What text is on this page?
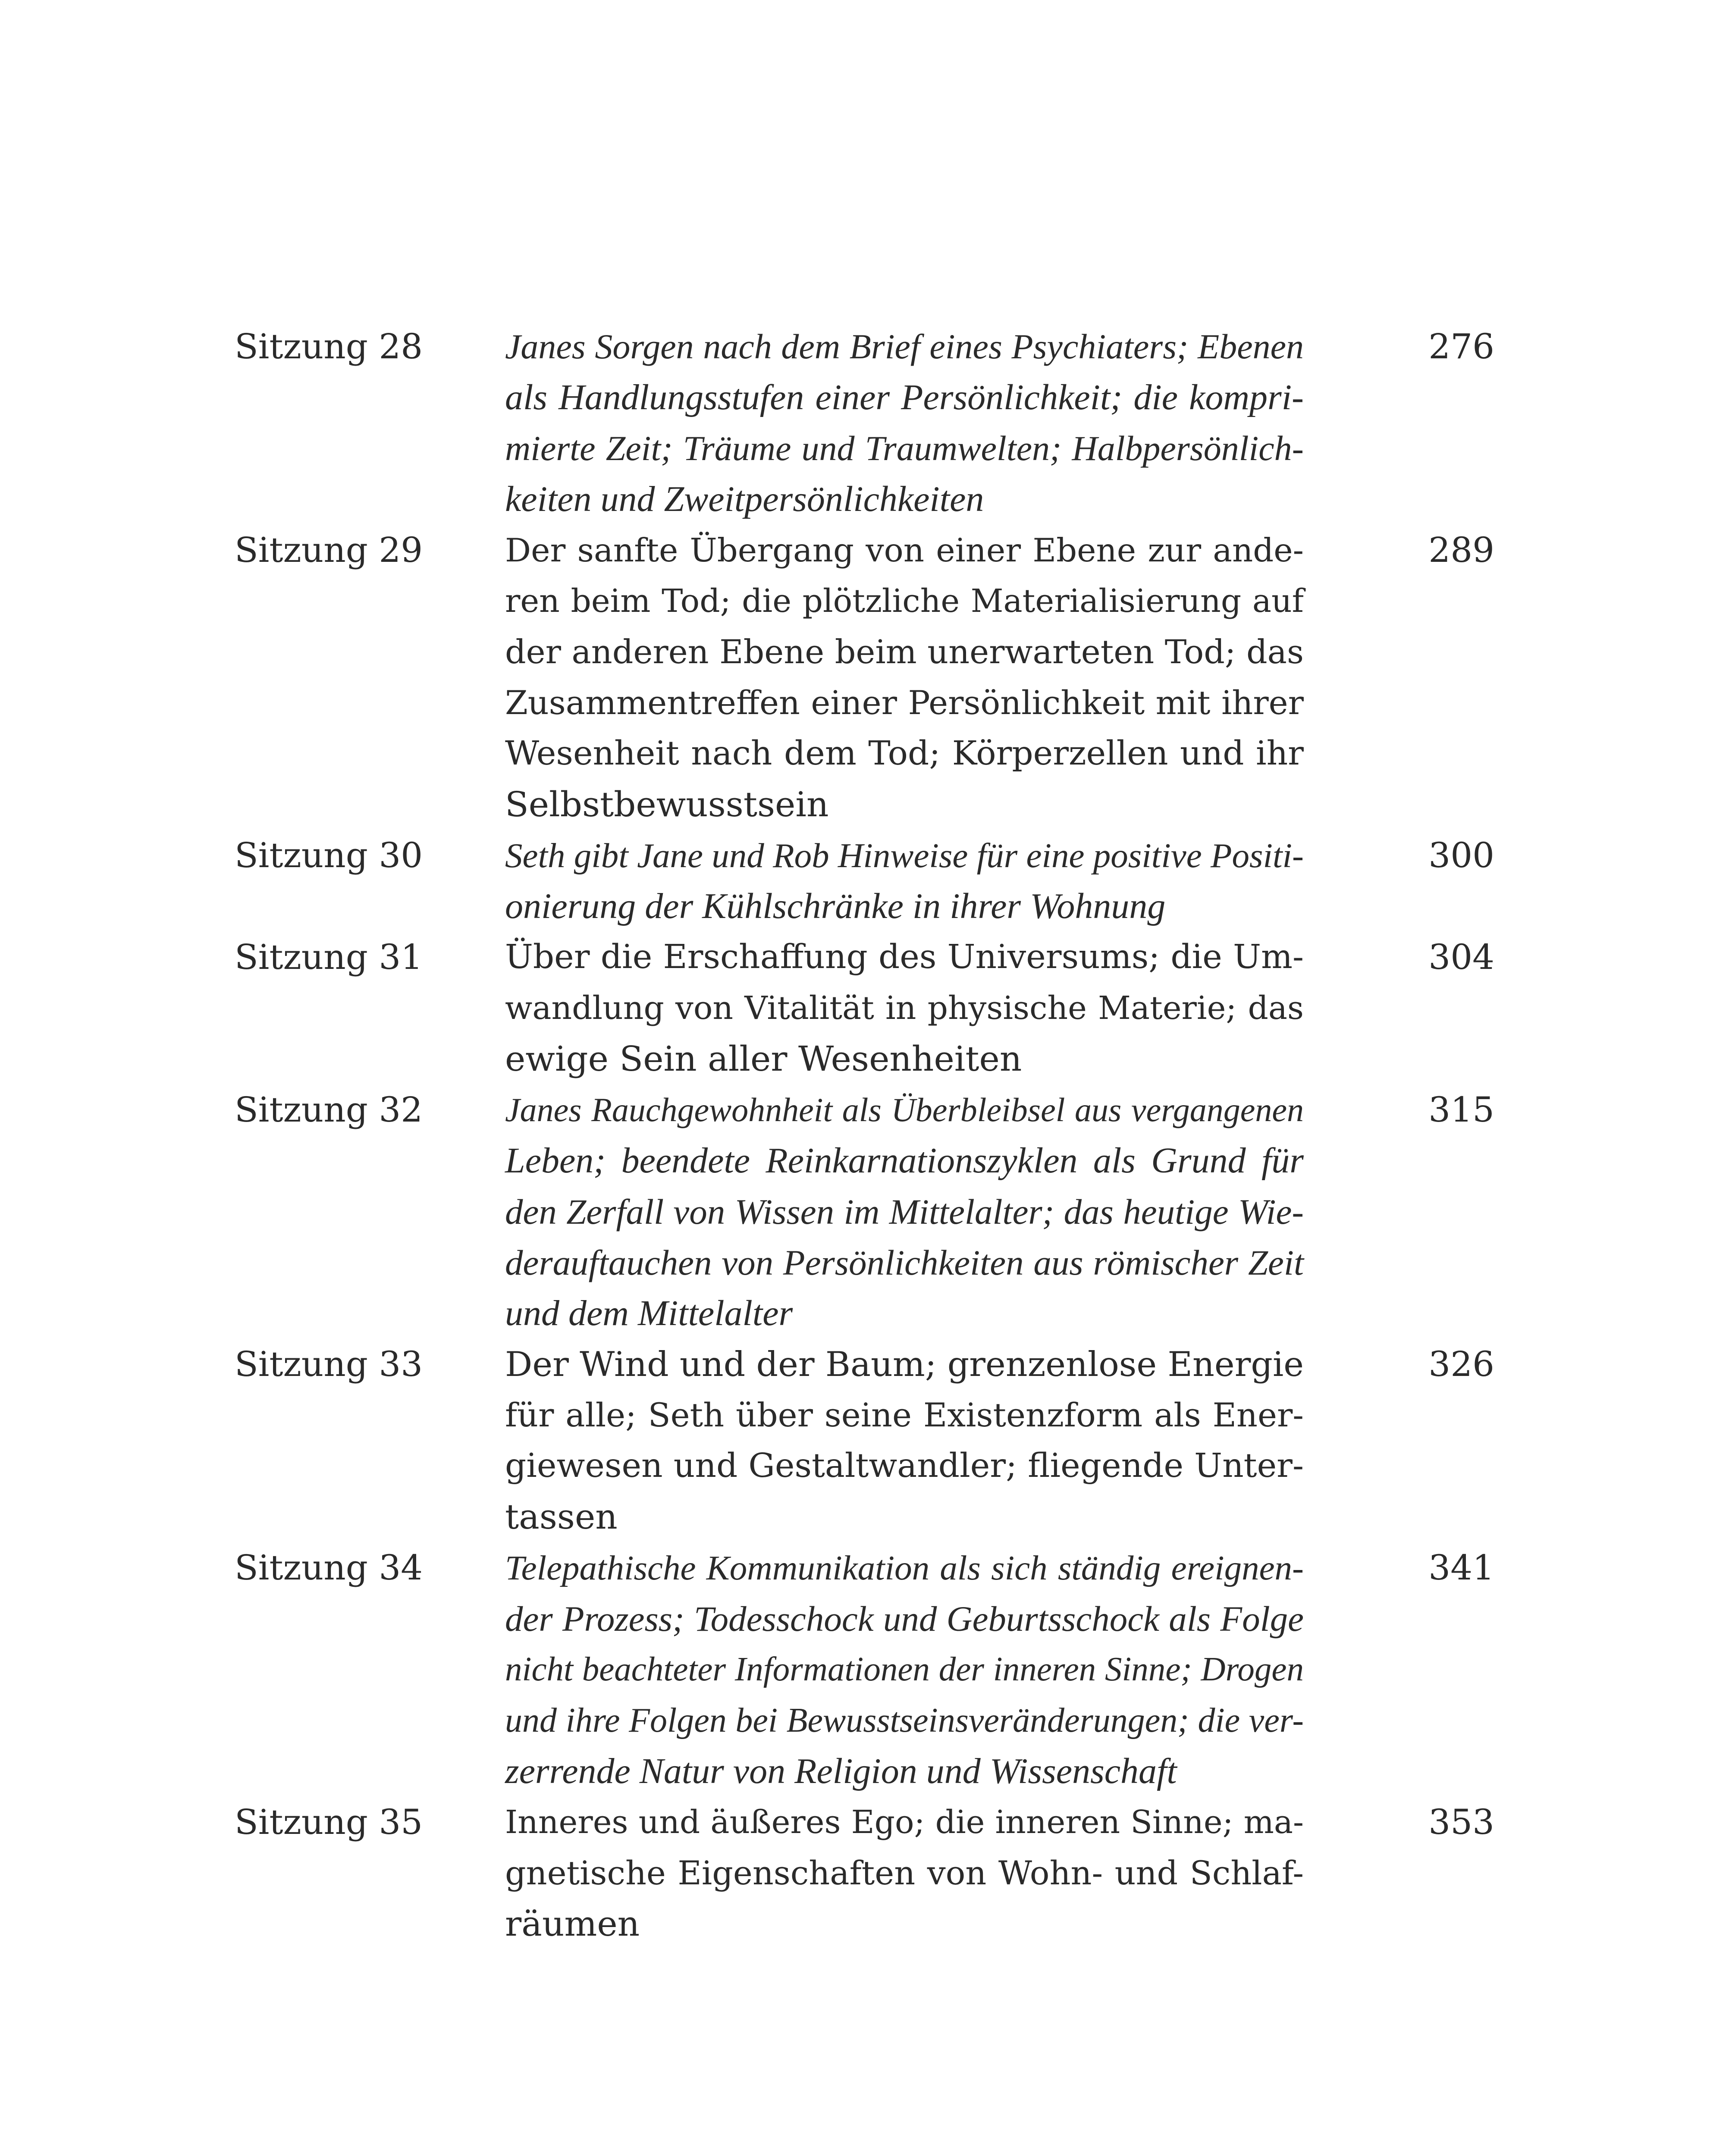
Sitzung 28	Janes Sorgen nach dem Brief eines Psychiaters; Ebenen
als Handlungsstufen einer Persönlichkeit; die kompri-
mierte Zeit; Träume und Traumwelten; Halbpersönlich-
keiten und Zweitpersönlichkeiten
276
Sitzung 29	Der sanfte Übergang von einer Ebene zur ande-
ren beim Tod; die plötzliche Materialisierung auf
der anderen Ebene beim unerwarteten Tod; das
Zusammentreffen einer Persönlichkeit mit ihrer
Wesenheit nach dem Tod; Körperzellen und ihr
Selbstbewusstsein
289
Sitzung 30	Seth gibt Jane und Rob Hinweise für eine positive Positi-
onierung der Kühlschränke in ihrer Wohnung
300
Sitzung 31	Über die Erschaffung des Universums; die Um-
wandlung von Vitalität in physische Materie; das
ewige Sein aller Wesenheiten
304
Sitzung 32	Janes Rauchgewohnheit als Überbleibsel aus vergangenen
Leben; beendete Reinkarnationszyklen als Grund für
den Zerfall von Wissen im Mittelalter; das heutige Wie-
derauftauchen von Persönlichkeiten aus römischer Zeit
und dem Mittelalter
315
Sitzung 33	Der Wind und der Baum; grenzenlose Energie
für alle; Seth über seine Existenzform als Ener-
giewesen und Gestaltwandler; fliegende Unter-
tassen
326
Sitzung 34	Telepathische Kommunikation als sich ständig ereignen-
der Prozess; Todesschock und Geburtsschock als Folge
nicht beachteter Informationen der inneren Sinne; Drogen
und ihre Folgen bei Bewusstseinsveränderungen; die ver-
zerrende Natur von Religion und Wissenschaft
341
Sitzung 35	Inneres und äußeres Ego; die inneren Sinne; ma-
gnetische Eigenschaften von Wohn- und Schlaf-
räumen
353
